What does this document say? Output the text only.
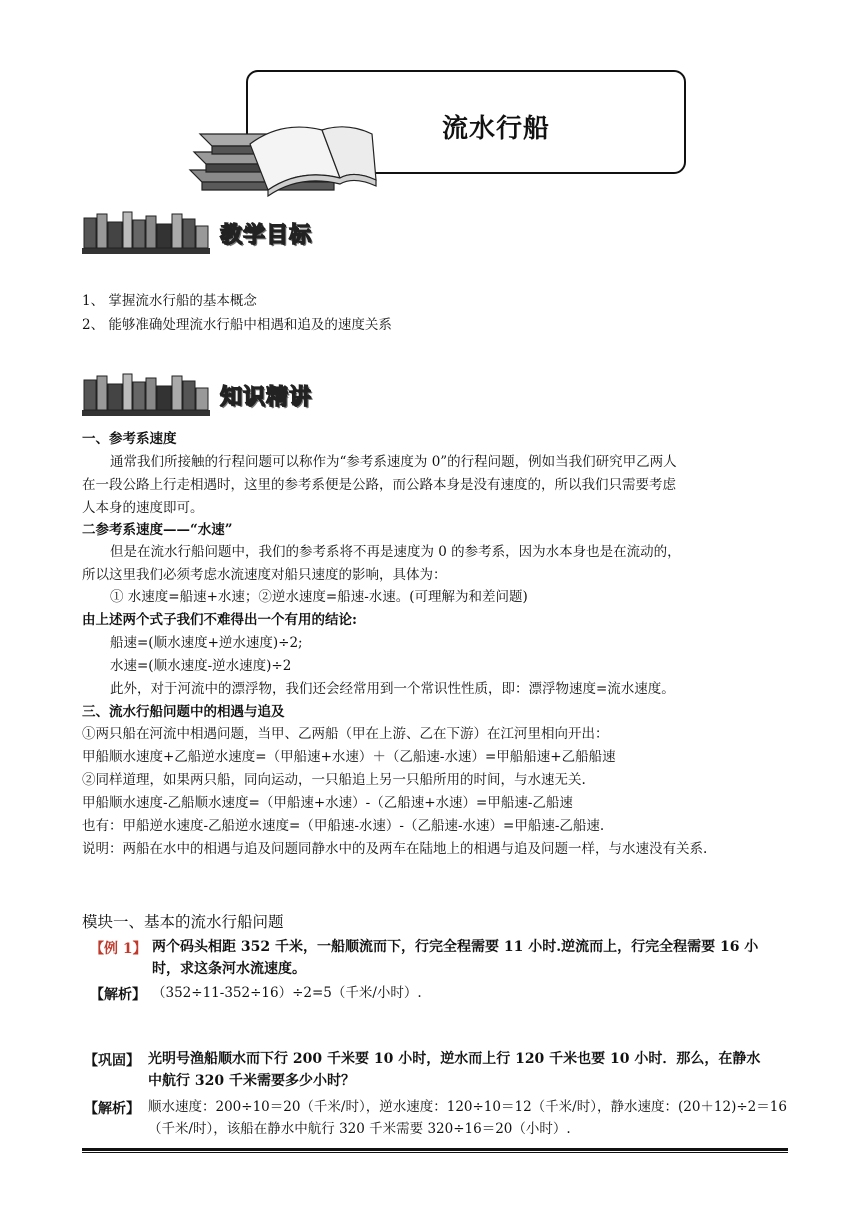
流水行船
教学目标
1、 掌握流水行船的基本概念
2、 能够准确处理流水行船中相遇和追及的速度关系
知识精讲
一、参考系速度
通常我们所接触的行程问题可以称作为“参考系速度为 0”的行程问题，例如当我们研究甲乙两人
在一段公路上行走相遇时，这里的参考系便是公路，而公路本身是没有速度的，所以我们只需要考虑
人本身的速度即可。
二参考系速度——“水速”
但是在流水行船问题中，我们的参考系将不再是速度为 0 的参考系，因为水本身也是在流动的，
所以这里我们必须考虑水流速度对船只速度的影响，具体为：
① 水速度=船速+水速；②逆水速度=船速-水速。(可理解为和差问题)
由上述两个式子我们不难得出一个有用的结论:
船速=(顺水速度+逆水速度)÷2;
水速=(顺水速度-逆水速度)÷2
此外，对于河流中的漂浮物，我们还会经常用到一个常识性性质，即：漂浮物速度=流水速度。
三、流水行船问题中的相遇与追及
①两只船在河流中相遇问题，当甲、乙两船（甲在上游、乙在下游）在江河里相向开出：
甲船顺水速度+乙船逆水速度=（甲船速+水速）＋（乙船速-水速）=甲船船速+乙船船速
②同样道理，如果两只船，同向运动，一只船追上另一只船所用的时间，与水速无关.
甲船顺水速度-乙船顺水速度=（甲船速+水速）-（乙船速+水速）=甲船速-乙船速
也有：甲船逆水速度-乙船逆水速度=（甲船速-水速）-（乙船速-水速）=甲船速-乙船速.
说明：两船在水中的相遇与追及问题同静水中的及两车在陆地上的相遇与追及问题一样，与水速没有关系.
模块一、基本的流水行船问题
【例 1】 两个码头相距 352 千米，一船顺流而下，行完全程需要 11 小时.逆流而上，行完全程需要 16 小
时，求这条河水流速度。
【解析】 （352÷11-352÷16）÷2=5（千米/小时）.
【巩固】 光明号渔船顺水而下行 200 千米要 10 小时，逆水而上行 120 千米也要 10 小时．那么，在静水
中航行 320 千米需要多少小时？
【解析】 顺水速度：200÷10＝20（千米/时），逆水速度：120÷10＝12（千米/时），静水速度：(20＋12)÷2＝16
（千米/时），该船在静水中航行 320 千米需要 320÷16＝20（小时）.
